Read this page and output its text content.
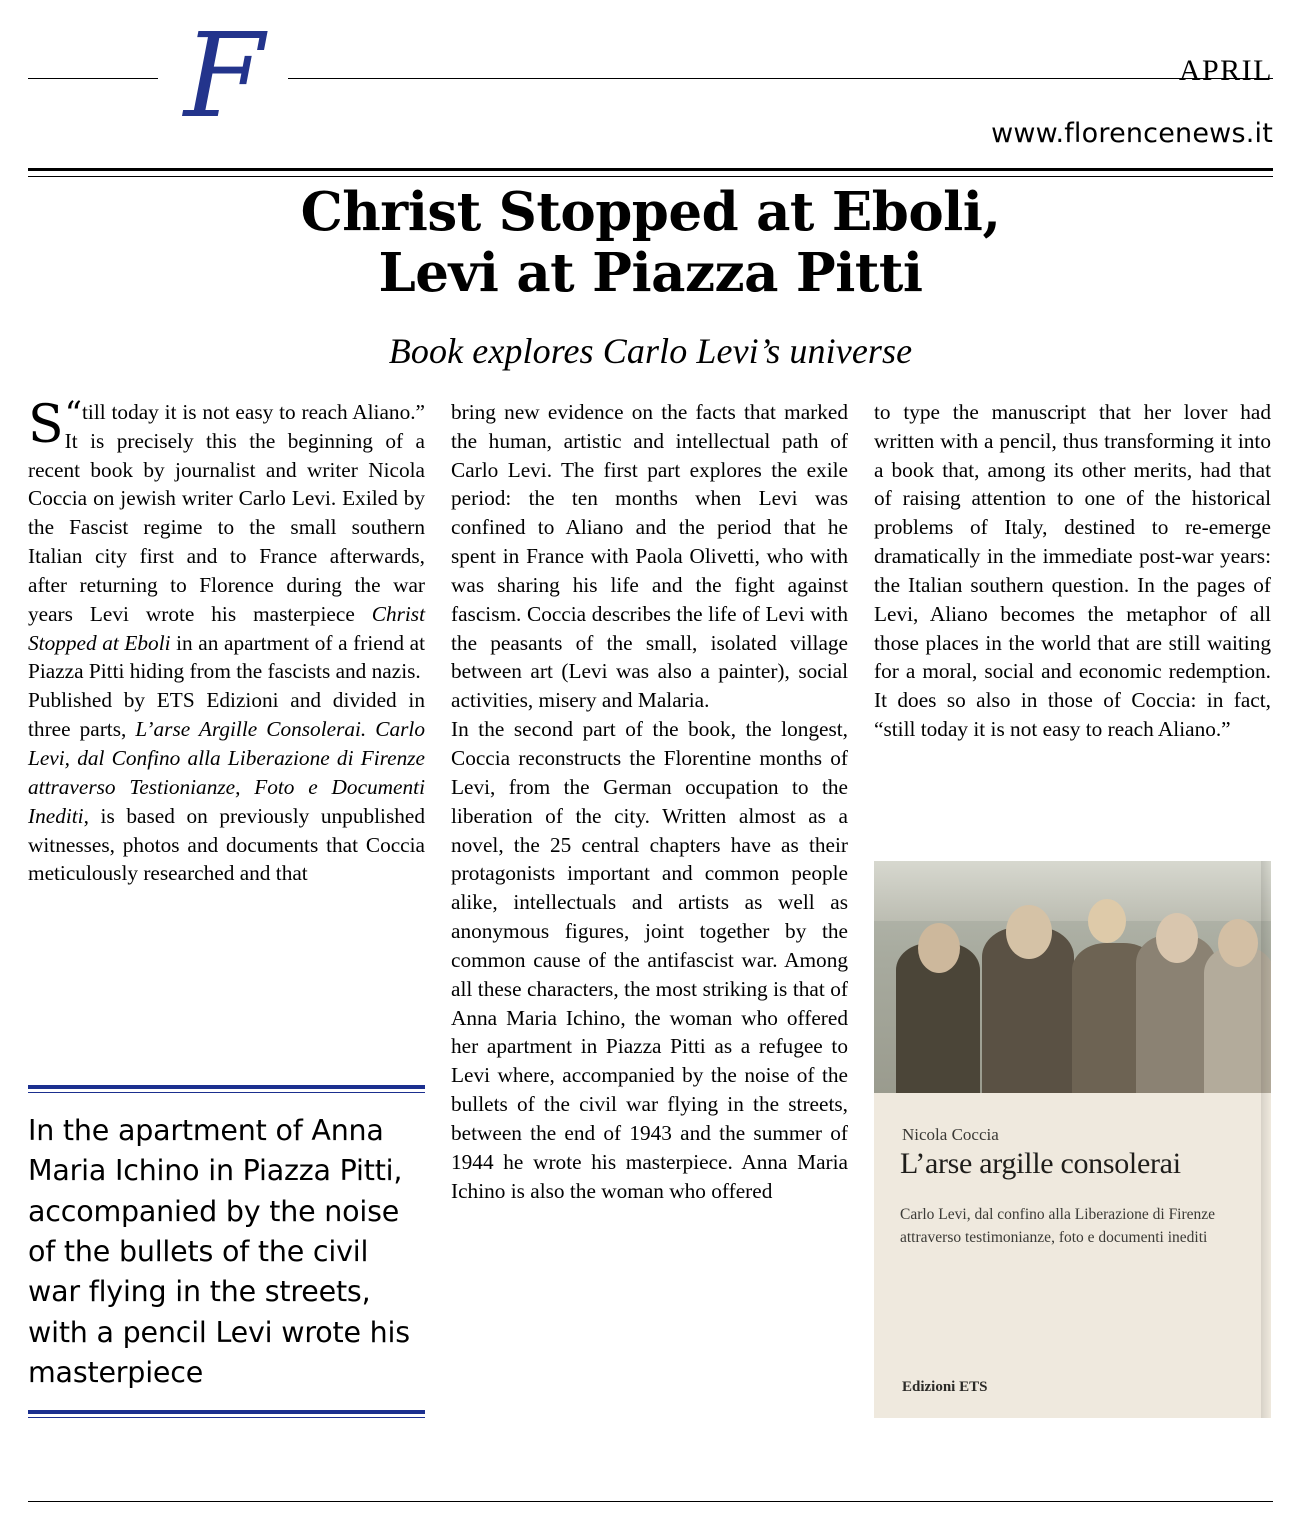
F	APRIL
www.florencenews.it
Christ Stopped at Eboli,
Levi at Piazza Pitti
Book explores Carlo Levi’s universe

“
S till today it is not easy to reach Aliano.” It is precisely this the beginning of a recent book by journalist and writer Nicola Coccia on jewish writer Carlo Levi. Exiled by the Fascist regime to the small southern Italian city first and to France afterwards, after returning to Florence during the war years Levi wrote his masterpiece Christ Stopped at Eboli in an apartment of a friend at Piazza Pitti hiding from the fascists and nazis.

Published by ETS Edizioni and divided in three parts, L’arse Argille Consolerai. Carlo Levi, dal Confino alla Liberazione di Firenze attraverso Testionianze, Foto e Documenti Inediti, is based on previously unpublished witnesses, photos and documents that Coccia meticulously researched and that

In the apartment of Anna Maria Ichino in Piazza Pitti, accompanied by the noise of the bullets of the civil war flying in the streets, with a pencil Levi wrote his masterpiece

bring new evidence on the facts that marked the human, artistic and intellectual path of Carlo Levi. The first part explores the exile period: the ten months when Levi was confined to Aliano and the period that he spent in France with Paola Olivetti, who with was sharing his life and the fight against fascism. Coccia describes the life of Levi with the peasants of the small, isolated village between art (Levi was also a painter), social activities, misery and Malaria.

In the second part of the book, the longest, Coccia reconstructs the Florentine months of Levi, from the German occupation to the liberation of the city. Written almost as a novel, the 25 central chapters have as their protagonists important and common people alike, intellectuals and artists as well as anonymous figures, joint together by the common cause of the antifascist war. Among all these characters, the most striking is that of Anna Maria Ichino, the woman who offered her apartment in Piazza Pitti as a refugee to Levi where, accompanied by the noise of the bullets of the civil war flying in the streets, between the end of 1943 and the summer of 1944 he wrote his masterpiece. Anna Maria Ichino is also the woman who offered

to type the manuscript that her lover had written with a pencil, thus transforming it into a book that, among its other merits, had that of raising attention to one of the historical problems of Italy, destined to re-emerge dramatically in the immediate post-war years: the Italian southern question. In the pages of Levi, Aliano becomes the metaphor of all those places in the world that are still waiting for a moral, social and economic redemption. It does so also in those of Coccia: in fact, “still today it is not easy to reach Aliano.”

Nicola Coccia
L’arse argille consolerai
Carlo Levi, dal confino alla Liberazione di Firenze attraverso testimonianze, foto e documenti inediti
Edizioni ETS
